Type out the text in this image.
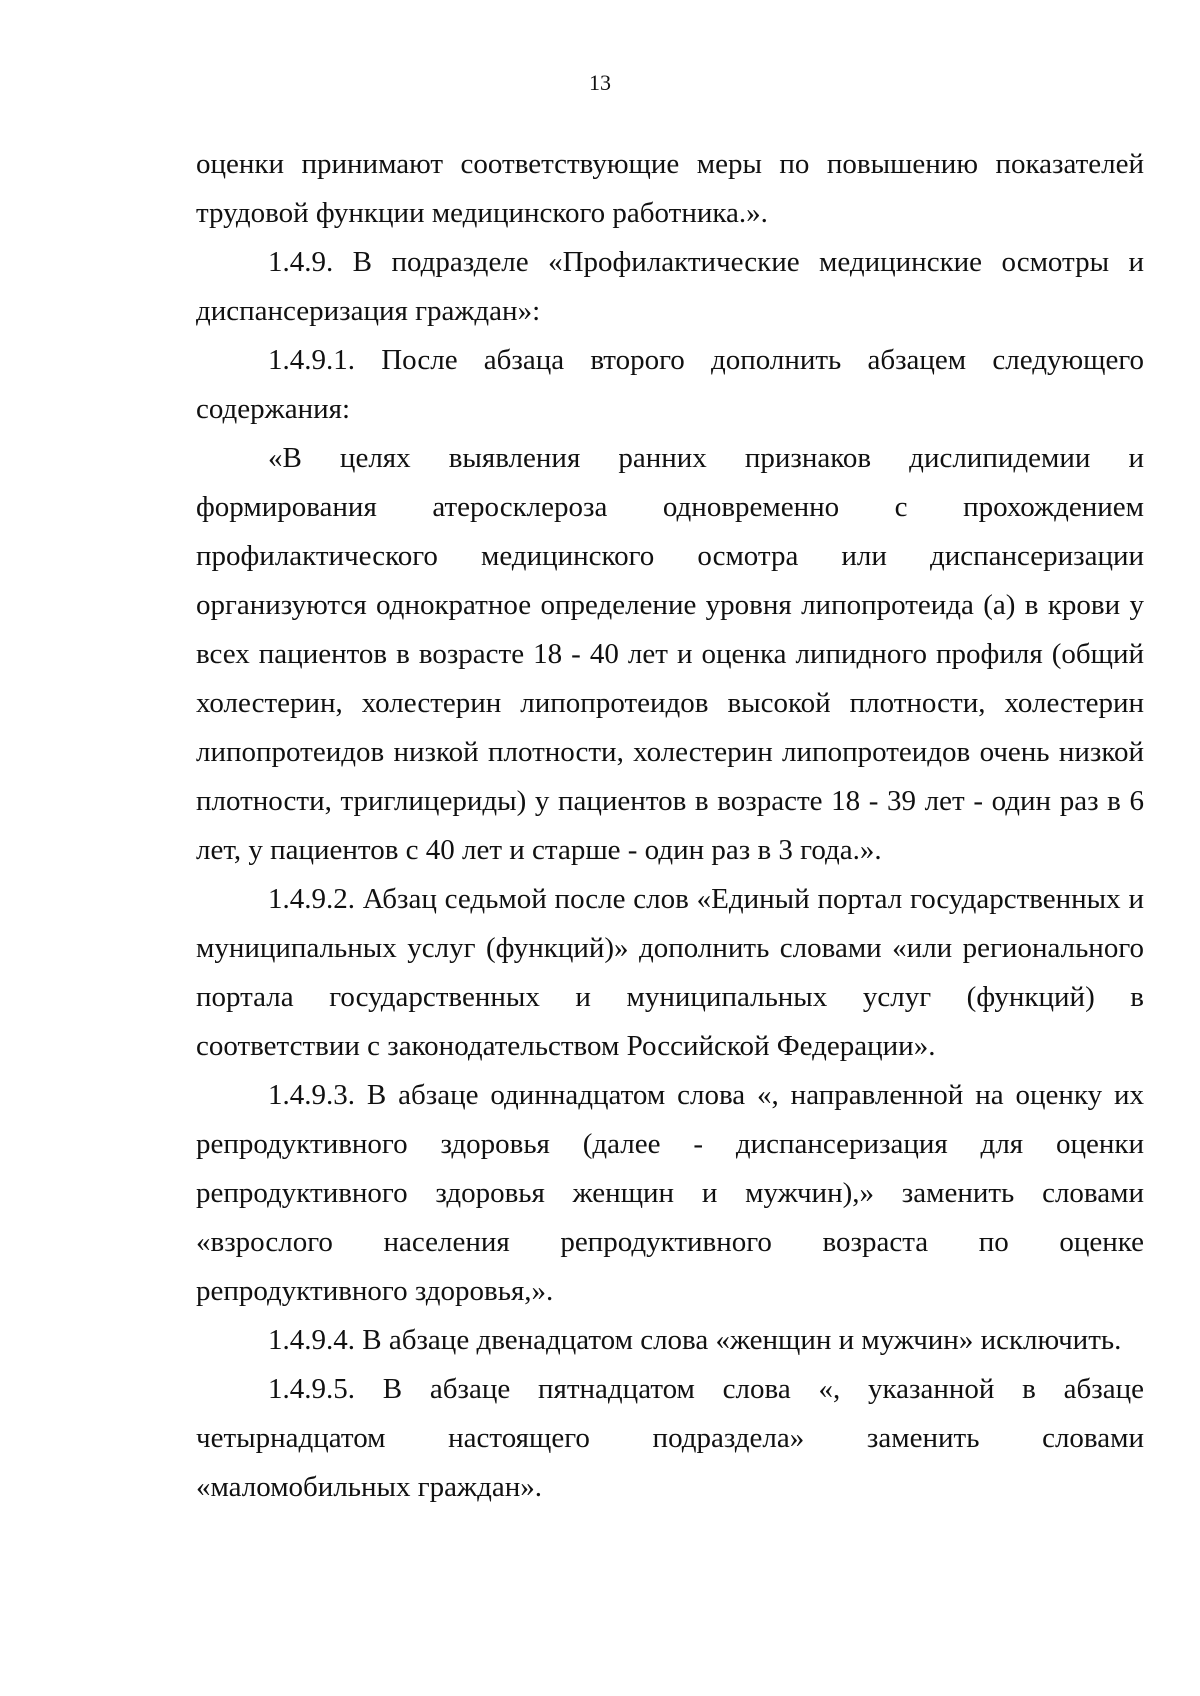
13

оценки принимают соответствующие меры по повышению показателей трудовой функции медицинского работника.».

1.4.9. В подразделе «Профилактические медицинские осмотры и диспансеризация граждан»:

1.4.9.1. После абзаца второго дополнить абзацем следующего содержания:

«В целях выявления ранних признаков дислипидемии и формирования атеросклероза одновременно с прохождением профилактического медицинского осмотра или диспансеризации организуются однократное определение уровня липопротеида (а) в крови у всех пациентов в возрасте 18 - 40 лет и оценка липидного профиля (общий холестерин, холестерин липопротеидов высокой плотности, холестерин липопротеидов низкой плотности, холестерин липопротеидов очень низкой плотности, триглицериды) у пациентов в возрасте 18 - 39 лет - один раз в 6 лет, у пациентов с 40 лет и старше - один раз в 3 года.».

1.4.9.2. Абзац седьмой после слов «Единый портал государственных и муниципальных услуг (функций)» дополнить словами «или регионального портала государственных и муниципальных услуг (функций) в соответствии с законодательством Российской Федерации».

1.4.9.3. В абзаце одиннадцатом слова «, направленной на оценку их репродуктивного здоровья (далее - диспансеризация для оценки репродуктивного здоровья женщин и мужчин),» заменить словами «взрослого населения репродуктивного возраста по оценке репродуктивного здоровья,».

1.4.9.4. В абзаце двенадцатом слова «женщин и мужчин» исключить.

1.4.9.5. В абзаце пятнадцатом слова «, указанной в абзаце четырнадцатом настоящего подраздела» заменить словами «маломобильных граждан».
